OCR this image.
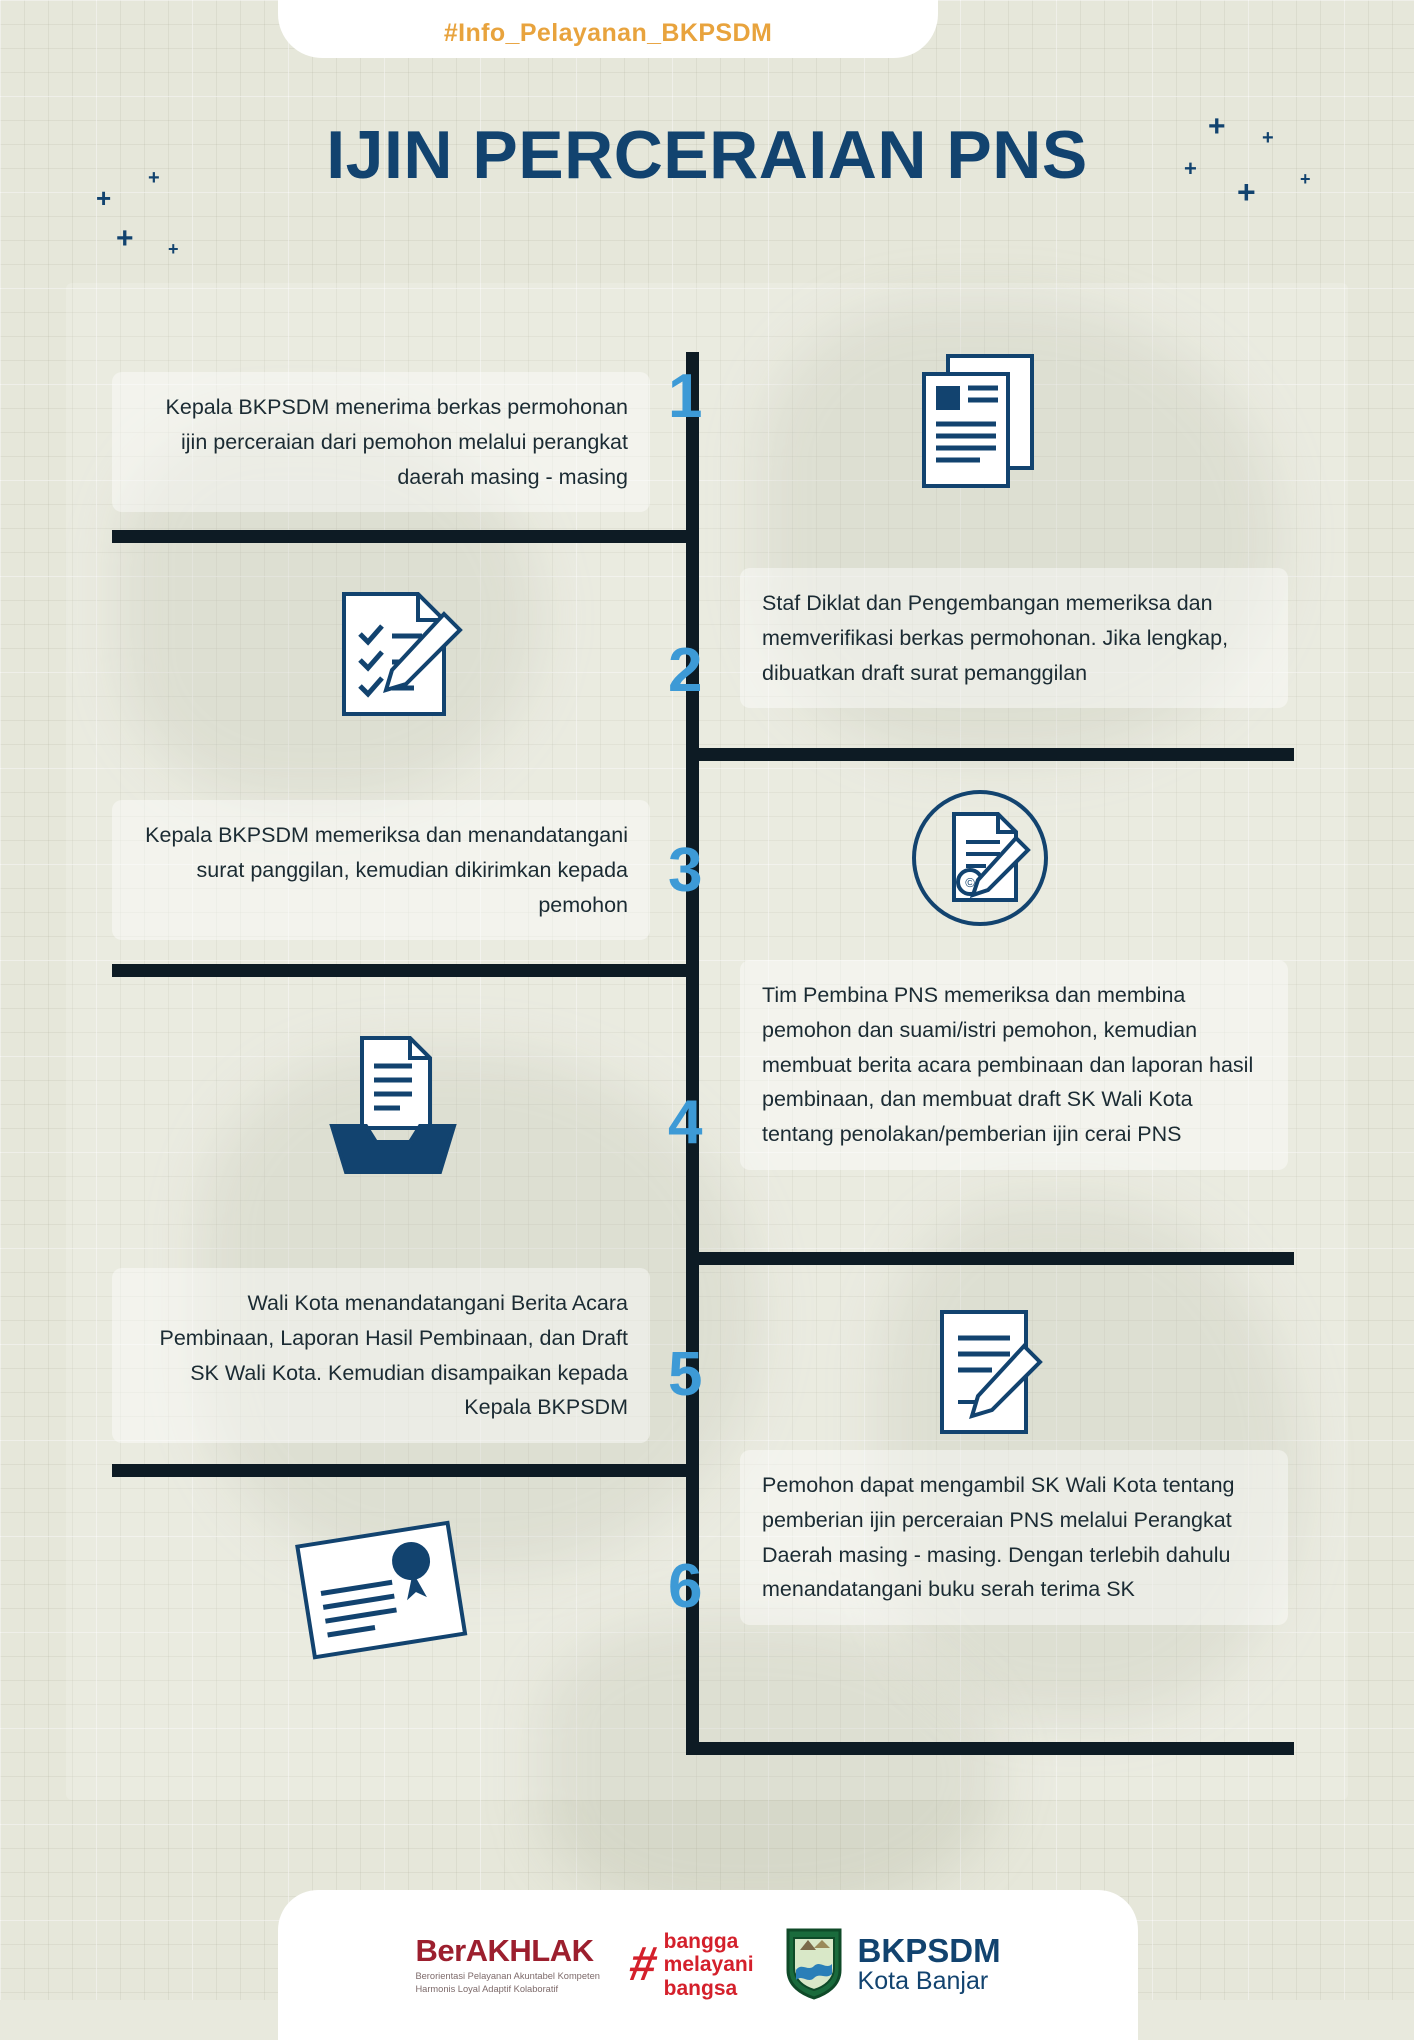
#Info_Pelayanan_BKPSDM
IJIN PERCERAIAN PNS	+ +
+
+ +
+
+
+ +
Kepala BKPSDM menerima berkas permohonan ijin perceraian dari pemohon melalui perangkat daerah masing - masing
1
Staf Diklat dan Pengembangan memeriksa dan memverifikasi berkas permohonan. Jika lengkap, dibuatkan draft surat pemanggilan
2
Kepala BKPSDM memeriksa dan menandatangani surat panggilan, kemudian dikirimkan kepada pemohon 3	©
Tim Pembina PNS memeriksa dan membina pemohon dan suami/istri pemohon, kemudian membuat berita acara pembinaan dan laporan hasil pembinaan, dan membuat draft SK Wali Kota tentang penolakan/pemberian ijin cerai PNS
4
Wali Kota menandatangani Berita Acara Pembinaan, Laporan Hasil Pembinaan, dan Draft SK Wali Kota. Kemudian disampaikan kepada Kepala BKPSDM 5
Pemohon dapat mengambil SK Wali Kota tentang pemberian ijin perceraian PNS melalui Perangkat Daerah masing - masing. Dengan terlebih dahulu menandatangani buku serah terima SK
6
BerAKHLAK
Berorientasi Pelayanan Akuntabel Kompeten
Harmonis Loyal Adaptif Kolaboratif	# bangga
melayani
bangsa
BKPSDM
Kota Banjar
